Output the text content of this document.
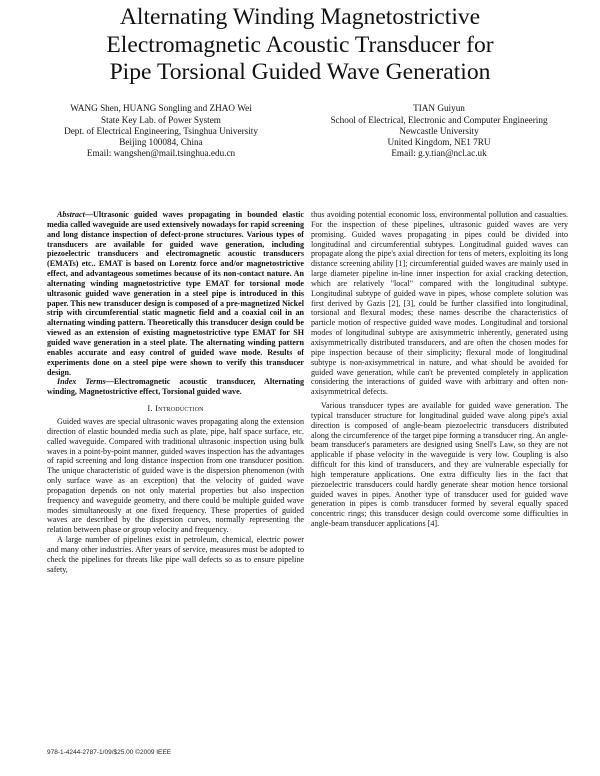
Alternating Winding Magnetostrictive
Electromagnetic Acoustic Transducer for
Pipe Torsional Guided Wave Generation
WANG Shen, HUANG Songling and ZHAO Wei
State Key Lab. of Power System
Dept. of Electrical Engineering, Tsinghua University
Beijing 100084, China
Email: wangshen@mail.tsinghua.edu.cn
TIAN Guiyun
School of Electrical, Electronic and Computer Engineering
Newcastle University
United Kingdom, NE1 7RU
Email: g.y.tian@ncl.ac.uk

Abstract—Ultrasonic guided waves propagating in bounded elastic media called waveguide are used extensively nowadays for rapid screening and long distance inspection of defect-prone structures. Various types of transducers are available for guided wave generation, including piezoelectric transducers and electromagnetic acoustic transducers (EMATs) etc.. EMAT is based on Lorentz force and/or magnetostrictive effect, and advantageous sometimes because of its non-contact nature. An alternating winding magnetostrictive type EMAT for torsional mode ultrasonic guided wave generation in a steel pipe is introduced in this paper. This new transducer design is composed of a pre-magnetized Nickel strip with circumferential static magnetic field and a coaxial coil in an alternating winding pattern. Theoretically this transducer design could be viewed as an extension of existing magnetostrictive type EMAT for SH guided wave generation in a steel plate. The alternating winding pattern enables accurate and easy control of guided wave mode. Results of experiments done on a steel pipe were shown to verify this transducer design.

Index Terms—Electromagnetic acoustic transducer, Alternating winding, Magnetostrictive effect, Torsional guided wave.

I. Introduction

Guided waves are special ultrasonic waves propagating along the extension direction of elastic bounded media such as plate, pipe, half space surface, etc. called waveguide. Compared with traditional ultrasonic inspection using bulk waves in a point-by-point manner, guided waves inspection has the advantages of rapid screening and long distance inspection from one transducer position. The unique characteristic of guided wave is the dispersion phenomenon (with only surface wave as an exception) that the velocity of guided wave propagation depends on not only material properties but also inspection frequency and waveguide geometry, and there could be multiple guided wave modes simultaneously at one fixed frequency. These properties of guided waves are described by the dispersion curves, normally representing the relation between phase or group velocity and frequency.

A large number of pipelines exist in petroleum, chemical, electric power and many other industries. After years of service, measures must be adopted to check the pipelines for threats like pipe wall defects so as to ensure pipeline safety,

thus avoiding potential economic loss, environmental pollution and casualties. For the inspection of these pipelines, ultrasonic guided waves are very promising. Guided waves propagating in pipes could be divided into longitudinal and circumferential subtypes. Longitudinal guided waves can propagate along the pipe's axial direction for tens of meters, exploiting its long distance screening ability [1]; circumferential guided waves are mainly used in large diameter pipeline in-line inner inspection for axial cracking detection, which are relatively "local" compared with the longitudinal subtype. Longitudinal subtype of guided wave in pipes, whose complete solution was first derived by Gazis [2], [3], could be further classified into longitudinal, torsional and flexural modes; these names describe the characteristics of particle motion of respective guided wave modes. Longitudinal and torsional modes of longitudinal subtype are axisymmetric inherently, generated using axisymmetrically distributed transducers, and are often the chosen modes for pipe inspection because of their simplicity; flexural mode of longitudinal subtype is non-axisymmetrical in nature, and what should be avoided for guided wave generation, while can't be prevented completely in application considering the interactions of guided wave with arbitrary and often non-axisymmetrical defects.

Various transducer types are available for guided wave generation. The typical transducer structure for longitudinal guided wave along pipe's axial direction is composed of angle-beam piezoelectric transducers distributed along the circumference of the target pipe forming a transducer ring. An angle-beam transducer's parameters are designed using Snell's Law, so they are not applicable if phase velocity in the waveguide is very low. Coupling is also difficult for this kind of transducers, and they are vulnerable especially for high temperature applications. One extra difficulty lies in the fact that piezoelectric transducers could hardly generate shear motion hence torsional guided waves in pipes. Another type of transducer used for guided wave generation in pipes is comb transducer formed by several equally spaced concentric rings; this transducer design could overcome some difficulties in angle-beam transducer applications [4].

978-1-4244-2787-1/09/$25.00 ©2009 IEEE
